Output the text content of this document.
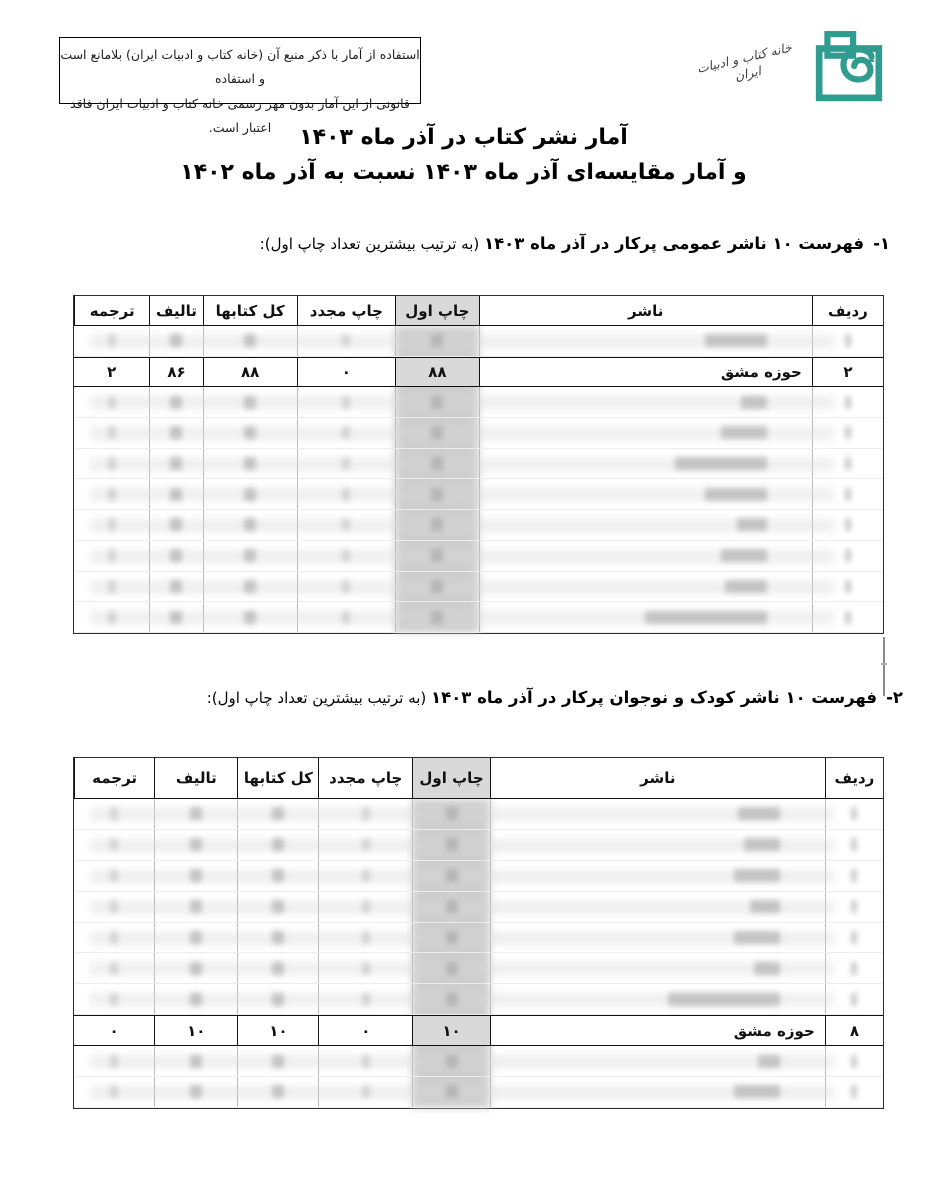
استفاده از آمار با ذکر منبع آن (خانه کتاب و ادبیات ایران) بلامانع است و استفاده
قانونی از این آمار بدون مهر رسمی خانه کتاب و ادبیات ایران فاقد اعتبار است.
خانه کتاب و ادبیات ایران
آمار نشر کتاب در آذر ماه ۱۴۰۳
و آمار مقایسه‌ای آذر ماه ۱۴۰۳ نسبت به آذر ماه ۱۴۰۲
۱-فهرست ۱۰ ناشر عمومی پرکار در آذر ماه ۱۴۰۳ (به ترتیب بیشترین تعداد چاپ اول):
ردیف
ناشر
چاپ اول
چاپ مجدد
کل کتابها
تالیف
ترجمه
۲
حوزه مشق
۸۸
۰
۸۸
۸۶
۲
۲-فهرست ۱۰ ناشر کودک و نوجوان پرکار در آذر ماه ۱۴۰۳ (به ترتیب بیشترین تعداد چاپ اول):
ردیف
ناشر
چاپ اول
چاپ مجدد
کل کتابها
تالیف
ترجمه
۸
حوزه مشق
۱۰
۰
۱۰
۱۰
۰
